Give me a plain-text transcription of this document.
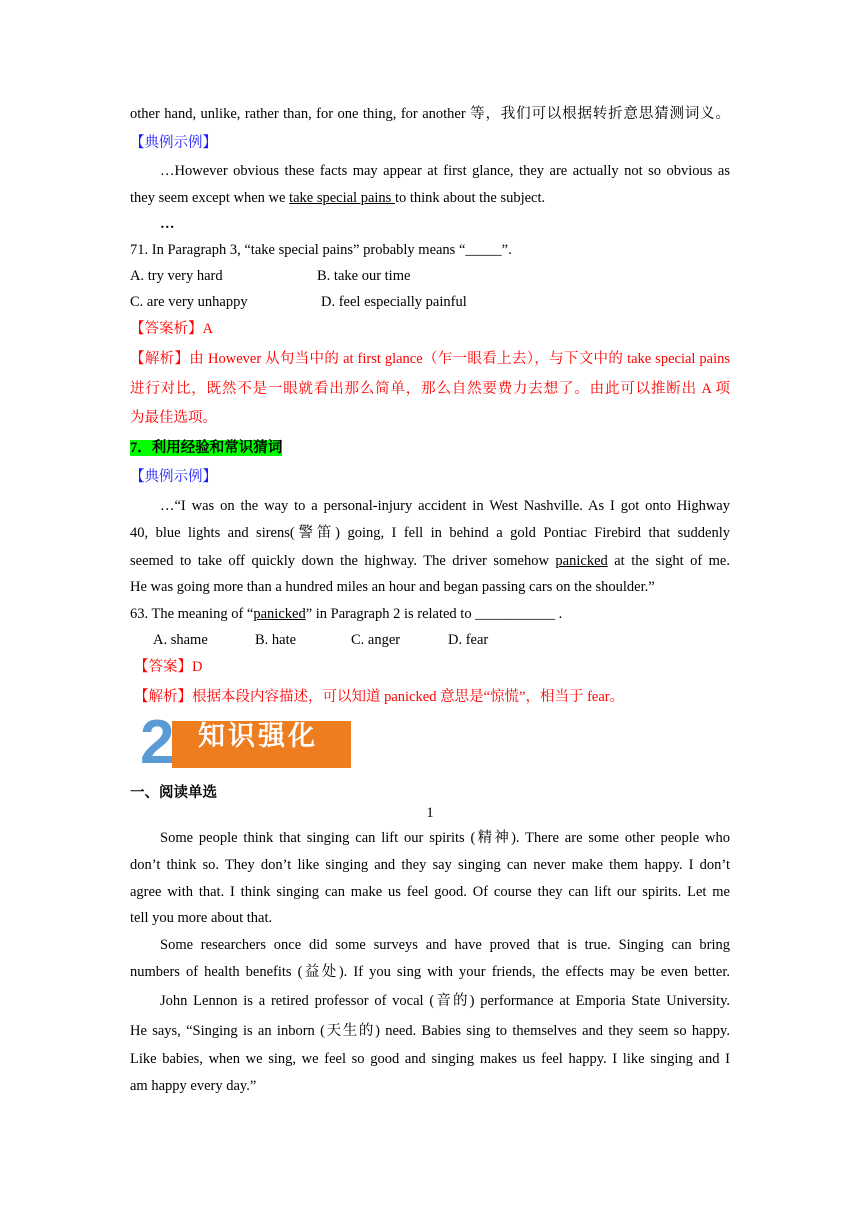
other hand, unlike, rather than, for one thing, for another 等，我们可以根据转折意思猜测词义。
【典例示例】
…However obvious these facts may appear at first glance, they are actually not so obvious as
they seem except when we take special pains to think about the subject.
…
71. In Paragraph 3, “take special pains” probably means “_____”.
A. try very hard	B. take our time
C. are very unhappy	D. feel especially painful
【答案析】A
【解析】由 However 从句当中的 at first glance（乍一眼看上去），与下文中的 take special pains
进行对比，既然不是一眼就看出那么简单，那么自然要费力去想了。由此可以推断出 A 项
为最佳选项。
7．利用经验和常识猜词
【典例示例】
…“I was on the way to a personal-injury accident in West Nashville. As I got onto Highway
40, blue lights and sirens(警笛) going, I fell in behind a gold Pontiac Firebird that suddenly
seemed to take off quickly down the highway. The driver somehow panicked at the sight of me.
He was going more than a hundred miles an hour and began passing cars on the shoulder.”
63. The meaning of “panicked” in Paragraph 2 is related to ___________ .
A. shame	B. hate	C. anger	D. fear
【答案】D
【解析】根据本段内容描述，可以知道 panicked 意思是“惊慌”，相当于 fear。
2 知识强化
一、阅读单选
1
Some people think that singing can lift our spirits (精神). There are some other people who
don’t think so. They don’t like singing and they say singing can never make them happy. I don’t
agree with that. I think singing can make us feel good. Of course they can lift our spirits. Let me
tell you more about that.
Some researchers once did some surveys and have proved that is true. Singing can bring
numbers of health benefits (益处). If you sing with your friends, the effects may be even better.
John Lennon is a retired professor of vocal (音的) performance at Emporia State University.
He says, “Singing is an inborn (天生的) need. Babies sing to themselves and they seem so happy.
Like babies, when we sing, we feel so good and singing makes us feel happy. I like singing and I
am happy every day.”
